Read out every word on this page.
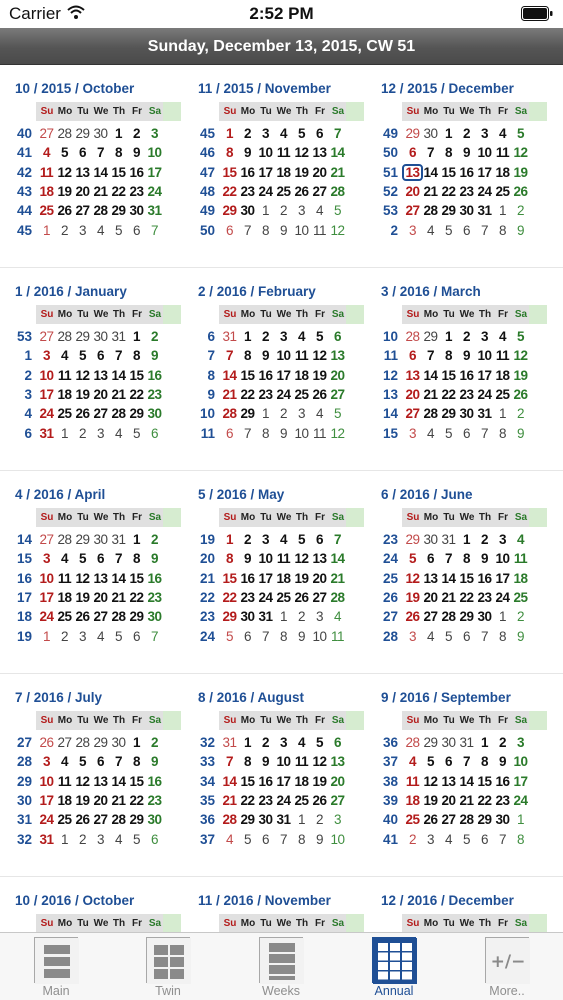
Carrier	2:52 PM
Sunday, December 13, 2015, CW 51
10 / 2015 / October
Su Mo Tu We Th Fr Sa
40 27 28 29 30 1 2 3
41 4 5 6 7 8 9 10
42 11 12 13 14 15 16 17
43 18 19 20 21 22 23 24
44 25 26 27 28 29 30 31
45 1 2 3 4 5 6 7
11 / 2015 / November
Su Mo Tu We Th Fr Sa
45 1 2 3 4 5 6 7
46 8 9 10 11 12 13 14
47 15 16 17 18 19 20 21
48 22 23 24 25 26 27 28
49 29 30 1 2 3 4 5
50 6 7 8 9 10 11 12
12 / 2015 / December
Su Mo Tu We Th Fr Sa
49 29 30 1 2 3 4 5
50 6 7 8 9 10 11 12
51 13 14 15 16 17 18 19
52 20 21 22 23 24 25 26
53 27 28 29 30 31 1 2
2 3 4 5 6 7 8 9
1 / 2016 / January
Su Mo Tu We Th Fr Sa
53 27 28 29 30 31 1 2
1 3 4 5 6 7 8 9
2 10 11 12 13 14 15 16
3 17 18 19 20 21 22 23
4 24 25 26 27 28 29 30
6 31 1 2 3 4 5 6
2 / 2016 / February
Su Mo Tu We Th Fr Sa
6 31 1 2 3 4 5 6
7 7 8 9 10 11 12 13
8 14 15 16 17 18 19 20
9 21 22 23 24 25 26 27
10 28 29 1 2 3 4 5
11 6 7 8 9 10 11 12
3 / 2016 / March
Su Mo Tu We Th Fr Sa
10 28 29 1 2 3 4 5
11 6 7 8 9 10 11 12
12 13 14 15 16 17 18 19
13 20 21 22 23 24 25 26
14 27 28 29 30 31 1 2
15 3 4 5 6 7 8 9
4 / 2016 / April
Su Mo Tu We Th Fr Sa
14 27 28 29 30 31 1 2
15 3 4 5 6 7 8 9
16 10 11 12 13 14 15 16
17 17 18 19 20 21 22 23
18 24 25 26 27 28 29 30
19 1 2 3 4 5 6 7
5 / 2016 / May
Su Mo Tu We Th Fr Sa
19 1 2 3 4 5 6 7
20 8 9 10 11 12 13 14
21 15 16 17 18 19 20 21
22 22 23 24 25 26 27 28
23 29 30 31 1 2 3 4
24 5 6 7 8 9 10 11
6 / 2016 / June
Su Mo Tu We Th Fr Sa
23 29 30 31 1 2 3 4
24 5 6 7 8 9 10 11
25 12 13 14 15 16 17 18
26 19 20 21 22 23 24 25
27 26 27 28 29 30 1 2
28 3 4 5 6 7 8 9
7 / 2016 / July
Su Mo Tu We Th Fr Sa
27 26 27 28 29 30 1 2
28 3 4 5 6 7 8 9
29 10 11 12 13 14 15 16
30 17 18 19 20 21 22 23
31 24 25 26 27 28 29 30
32 31 1 2 3 4 5 6
8 / 2016 / August
Su Mo Tu We Th Fr Sa
32 31 1 2 3 4 5 6
33 7 8 9 10 11 12 13
34 14 15 16 17 18 19 20
35 21 22 23 24 25 26 27
36 28 29 30 31 1 2 3
37 4 5 6 7 8 9 10
9 / 2016 / September
Su Mo Tu We Th Fr Sa
36 28 29 30 31 1 2 3
37 4 5 6 7 8 9 10
38 11 12 13 14 15 16 17
39 18 19 20 21 22 23 24
40 25 26 27 28 29 30 1
41 2 3 4 5 6 7 8
10 / 2016 / October
Su Mo Tu We Th Fr Sa
11 / 2016 / November
Su Mo Tu We Th Fr Sa
12 / 2016 / December
Su Mo Tu We Th Fr Sa
Main	Twin	Weeks	Annual
+/−
More..
